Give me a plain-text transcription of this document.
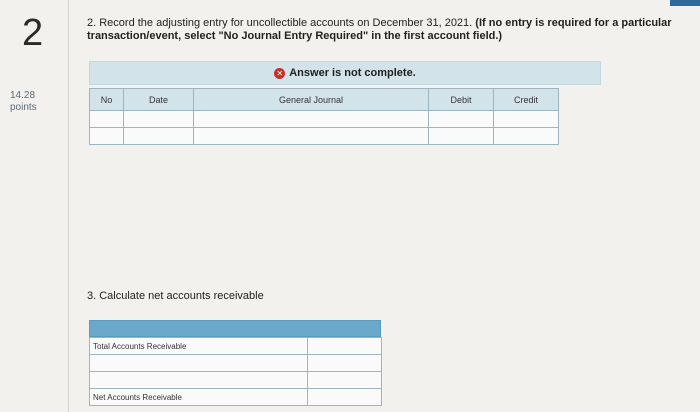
2
14.28
points
2. Record the adjusting entry for uncollectible accounts on December 31, 2021. (If no entry is required for a particular transaction/event, select "No Journal Entry Required" in the first account field.)
✕ Answer is not complete.
No	Date	General Journal	Debit	Credit

3. Calculate net accounts receivable
Total Accounts Receivable	

Net Accounts Receivable	
